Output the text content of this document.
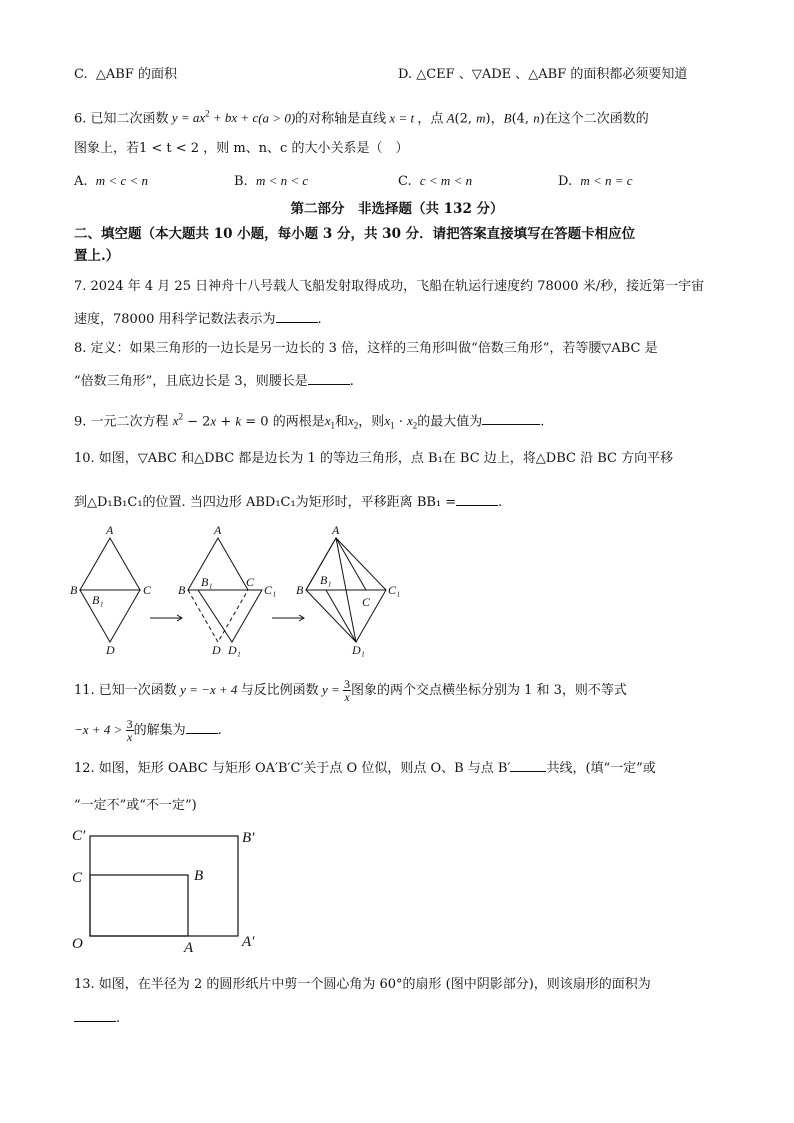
C. △ABF 的面积	D. △CEF 、▽ADE 、△ABF 的面积都必须要知道
6. 已知二次函数 $y = ax^2$ + bx + c(a > 0)的对称轴是直线 x = t ，点 A(2, m)，B(4, n)在这个二次函数的
图象上，若1 < t < 2 ，则 m、n、c 的大小关系是（　）
A. m < c < n	B. m < n < c	C. c < m < n	D. m < n = c
第二部分　非选择题（共 132 分）
二、填空题（本大题共 10 小题，每小题 3 分，共 30 分．请把答案直接填写在答题卡相应位
置上.）
7. 2024 年 4 月 25 日神舟十八号载人飞船发射取得成功，飞船在轨运行速度约 78000 米/秒，接近第一宇宙
速度，78000 用科学记数法表示为	.
8. 定义：如果三角形的一边长是另一边长的 3 倍，这样的三角形叫做“倍数三角形”，若等腰▽ABC 是
“倍数三角形”，且底边长是 3，则腰长是	.
9. 一元二次方程 $x^2 - 2x + k = 0$ 的两根是$x_1$和$x_2$，则$x_1 \cdot x_2$的最大值为	.
10. 如图，▽ABC 和△DBC 都是边长为 1 的等边三角形，点 B₁在 BC 边上，将△DBC 沿 BC 方向平移
到△D₁B₁C₁的位置. 当四边形 ABD₁C₁为矩形时，平移距离 BB₁ =	.
A
B	C
B₁
D
A
B
B₁	C
C₁
D D₁
A
B
B₁
C
C₁
D₁
11. 已知一次函数 y = −x + 4 与反比例函数 $y = \frac{3}{x}$ 图象的两个交点横坐标分别为 1 和 3，则不等式
$-x + 4 > \frac{3}{x}$ 的解集为 .
12. 如图，矩形 OABC 与矩形 OA′B′C′关于点 O 位似，则点 O、B 与点 B′	共线，(填“一定”或
“一定不”或“不一定”)
C′	B′
C	B
O	A	A′
13. 如图，在半径为 2 的圆形纸片中剪一个圆心角为 60°的扇形 (图中阴影部分)，则该扇形的面积为
.
